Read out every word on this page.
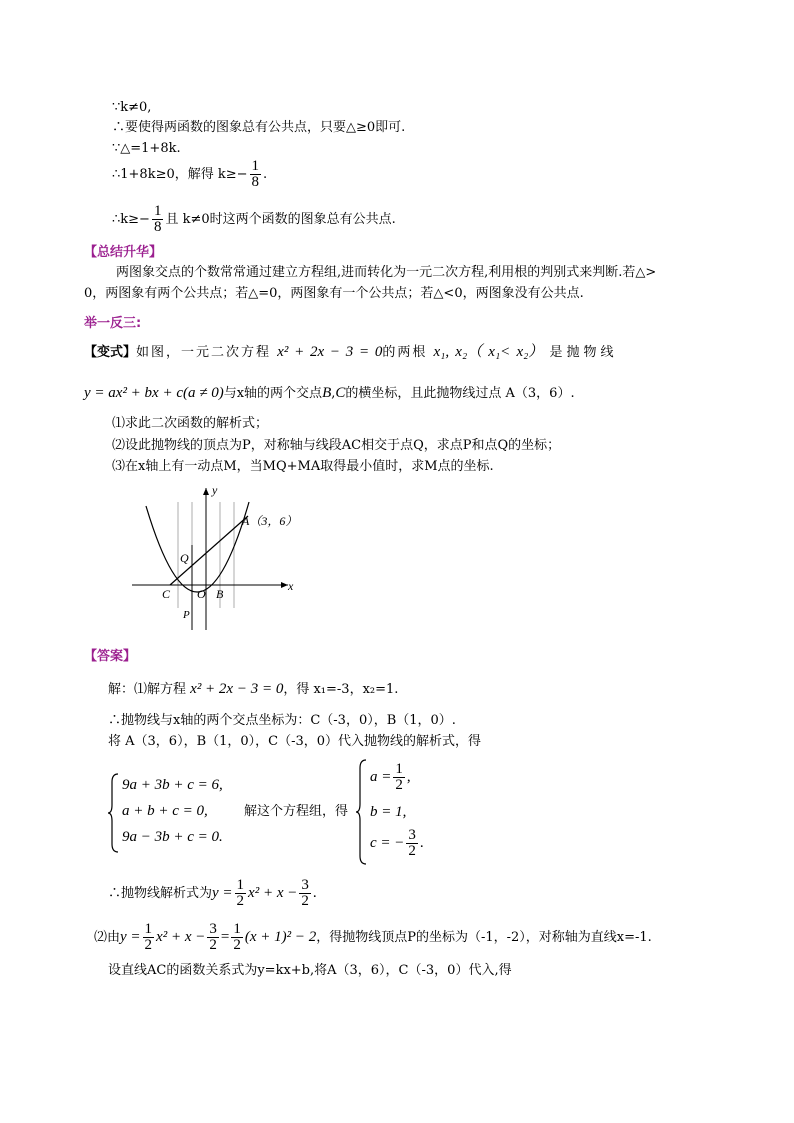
∵k≠0,
∴要使得两函数的图象总有公共点，只要△≥0即可.
∵△=1+8k.
∴1+8k≥0，解得 $k\ge- \frac{1}{8}$ .
∴k≥− $\frac{1}{8}$ 且 k≠0时这两个函数的图象总有公共点.
【总结升华】
两图象交点的个数常常通过建立方程组,进而转化为一元二次方程,利用根的判别式来判断.若△>
0，两图象有两个公共点；若△=0，两图象有一个公共点；若△<0，两图象没有公共点.
举一反三:
【变式】如图，一元二次方程 x² + 2x − 3 = 0的两根 x₁, x₂（ x₁< x₂） 是抛物线
y = ax² + bx + c(a ≠ 0)与x轴的两个交点B,C的横坐标，且此抛物线过点 A（3，6）.
⑴求此二次函数的解析式；
⑵设此抛物线的顶点为P，对称轴与线段AC相交于点Q，求点P和点Q的坐标；
⑶在x轴上有一动点M，当MQ+MA取得最小值时，求M点的坐标.
A（3，6）
Q
C O B
P
x
y
【答案】
解：⑴解方程 x² + 2x − 3 = 0，得 x₁=-3，x₂=1.
∴抛物线与x轴的两个交点坐标为：C（-3，0），B（1，0）.
将 A（3，6），B（1，0），C（-3，0）代入抛物线的解析式，得
9a + 3b + c = 6,
a + b + c = 0,
9a − 3b + c = 0.
解这个方程组，得
$a = \frac{1}{2}$ ,
b = 1,
c = − $\frac{3}{2}$ .
∴抛物线解析式为$y = \frac{1}{2} x^2 + x - \frac{3}{2}$ .
⑵由$y = \frac{1}{2} x^2 + x - \frac{3}{2} = \frac{1}{2} (x + 1)^2 - 2$，得抛物线顶点P的坐标为（-1，-2），对称轴为直线x=-1.
设直线AC的函数关系式为y=kx+b,将A（3，6），C（-3，0）代入,得
